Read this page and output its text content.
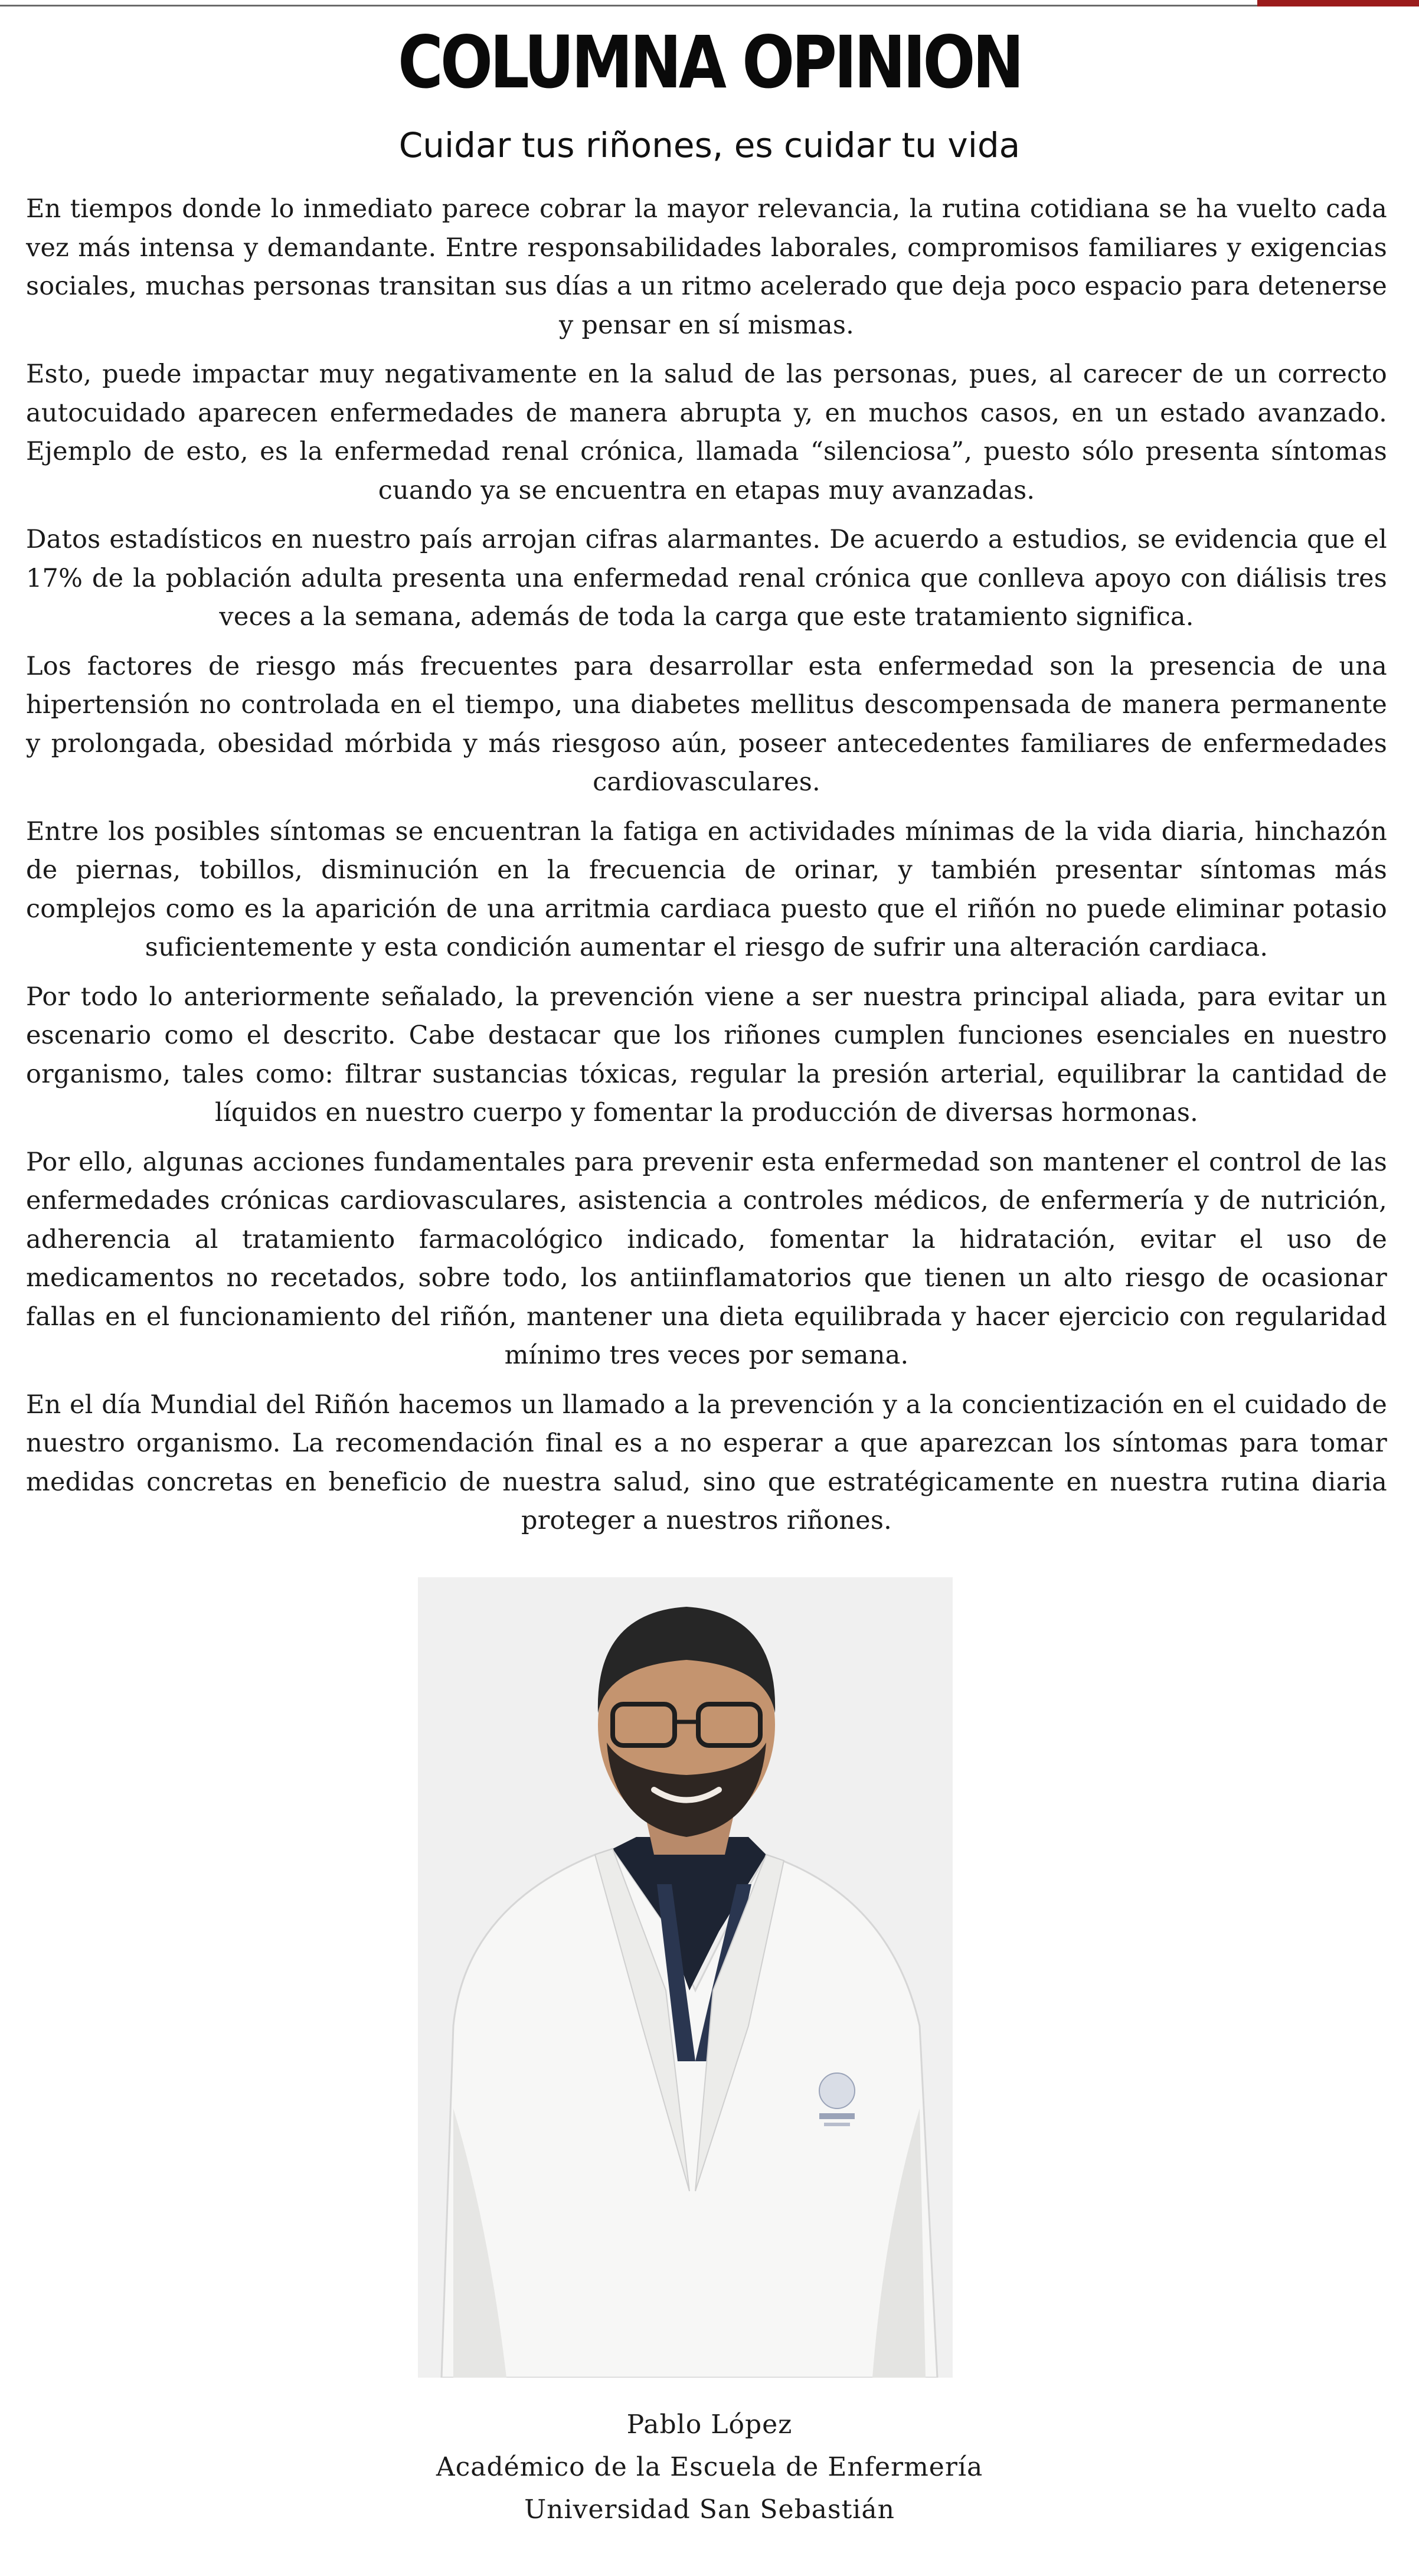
COLUMNA OPINION
Cuidar tus riñones, es cuidar tu vida

En tiempos donde lo inmediato parece cobrar la mayor relevancia, la rutina cotidiana se ha vuelto cada vez más intensa y demandante. Entre responsabilidades laborales, compromisos familiares y exigencias sociales, muchas personas transitan sus días a un ritmo acelerado que deja poco espacio para detenerse y pensar en sí mismas.

Esto, puede impactar muy negativamente en la salud de las personas, pues, al carecer de un correcto autocuidado aparecen enfermedades de manera abrupta y, en muchos casos, en un estado avanzado. Ejemplo de esto, es la enfermedad renal crónica, llamada “silenciosa”, puesto sólo presenta síntomas cuando ya se encuentra en etapas muy avanzadas.

Datos estadísticos en nuestro país arrojan cifras alarmantes. De acuerdo a estudios, se evidencia que el 17% de la población adulta presenta una enfermedad renal crónica que conlleva apoyo con diálisis tres veces a la semana, además de toda la carga que este tratamiento significa.

Los factores de riesgo más frecuentes para desarrollar esta enfermedad son la presencia de una hipertensión no controlada en el tiempo, una diabetes mellitus descompensada de manera permanente y prolongada, obesidad mórbida y más riesgoso aún, poseer antecedentes familiares de enfermedades cardiovasculares.

Entre los posibles síntomas se encuentran la fatiga en actividades mínimas de la vida diaria, hinchazón de piernas, tobillos, disminución en la frecuencia de orinar, y también presentar síntomas más complejos como es la aparición de una arritmia cardiaca puesto que el riñón no puede eliminar potasio suficientemente y esta condición aumentar el riesgo de sufrir una alteración cardiaca.

Por todo lo anteriormente señalado, la prevención viene a ser nuestra principal aliada, para evitar un escenario como el descrito. Cabe destacar que los riñones cumplen funciones esenciales en nuestro organismo, tales como: filtrar sustancias tóxicas, regular la presión arterial, equilibrar la cantidad de líquidos en nuestro cuerpo y fomentar la producción de diversas hormonas.

Por ello, algunas acciones fundamentales para prevenir esta enfermedad son mantener el control de las enfermedades crónicas cardiovasculares, asistencia a controles médicos, de enfermería y de nutrición, adherencia al tratamiento farmacológico indicado, fomentar la hidratación, evitar el uso de medicamentos no recetados, sobre todo, los antiinflamatorios que tienen un alto riesgo de ocasionar fallas en el funcionamiento del riñón, mantener una dieta equilibrada y hacer ejercicio con regularidad mínimo tres veces por semana.

En el día Mundial del Riñón hacemos un llamado a la prevención y a la concientización en el cuidado de nuestro organismo. La recomendación final es a no esperar a que aparezcan los síntomas para tomar medidas concretas en beneficio de nuestra salud, sino que estratégicamente en nuestra rutina diaria proteger a nuestros riñones.

Pablo López
Académico de la Escuela de Enfermería
Universidad San Sebastián
